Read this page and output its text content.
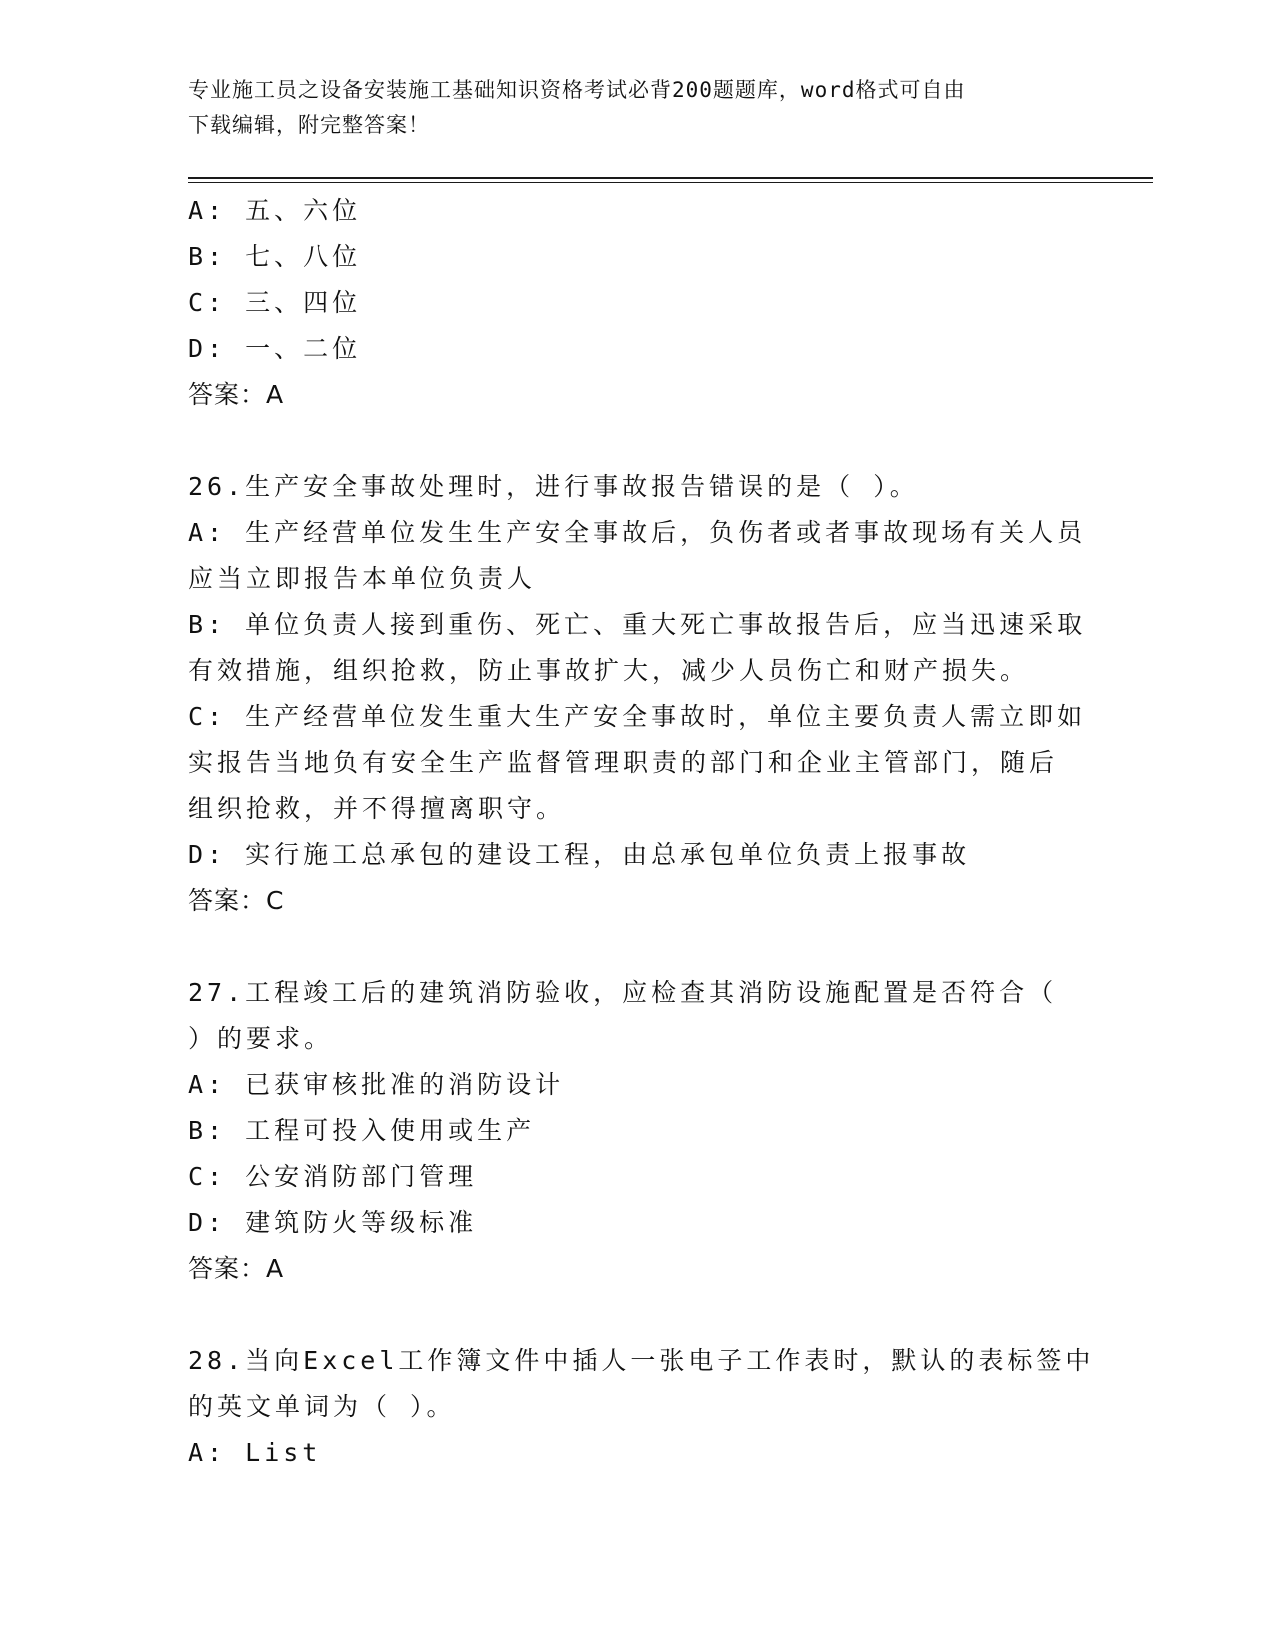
专业施工员之设备安装施工基础知识资格考试必背200题题库，word格式可自由
下载编辑，附完整答案！
A: 五、六位
B: 七、八位
C: 三、四位
D: 一、二位
答案：A
26.生产安全事故处理时，进行事故报告错误的是（ ）。
A: 生产经营单位发生生产安全事故后，负伤者或者事故现场有关人员
应当立即报告本单位负责人
B: 单位负责人接到重伤、死亡、重大死亡事故报告后，应当迅速采取
有效措施，组织抢救，防止事故扩大，减少人员伤亡和财产损失。
C: 生产经营单位发生重大生产安全事故时，单位主要负责人需立即如
实报告当地负有安全生产监督管理职责的部门和企业主管部门，随后
组织抢救，并不得擅离职守。
D: 实行施工总承包的建设工程，由总承包单位负责上报事故
答案：C
27.工程竣工后的建筑消防验收，应检查其消防设施配置是否符合（
）的要求。
A: 已获审核批准的消防设计
B: 工程可投入使用或生产
C: 公安消防部门管理
D: 建筑防火等级标准
答案：A
28.当向Excel工作簿文件中插人一张电子工作表时，默认的表标签中
的英文单词为（ ）。
A: List
